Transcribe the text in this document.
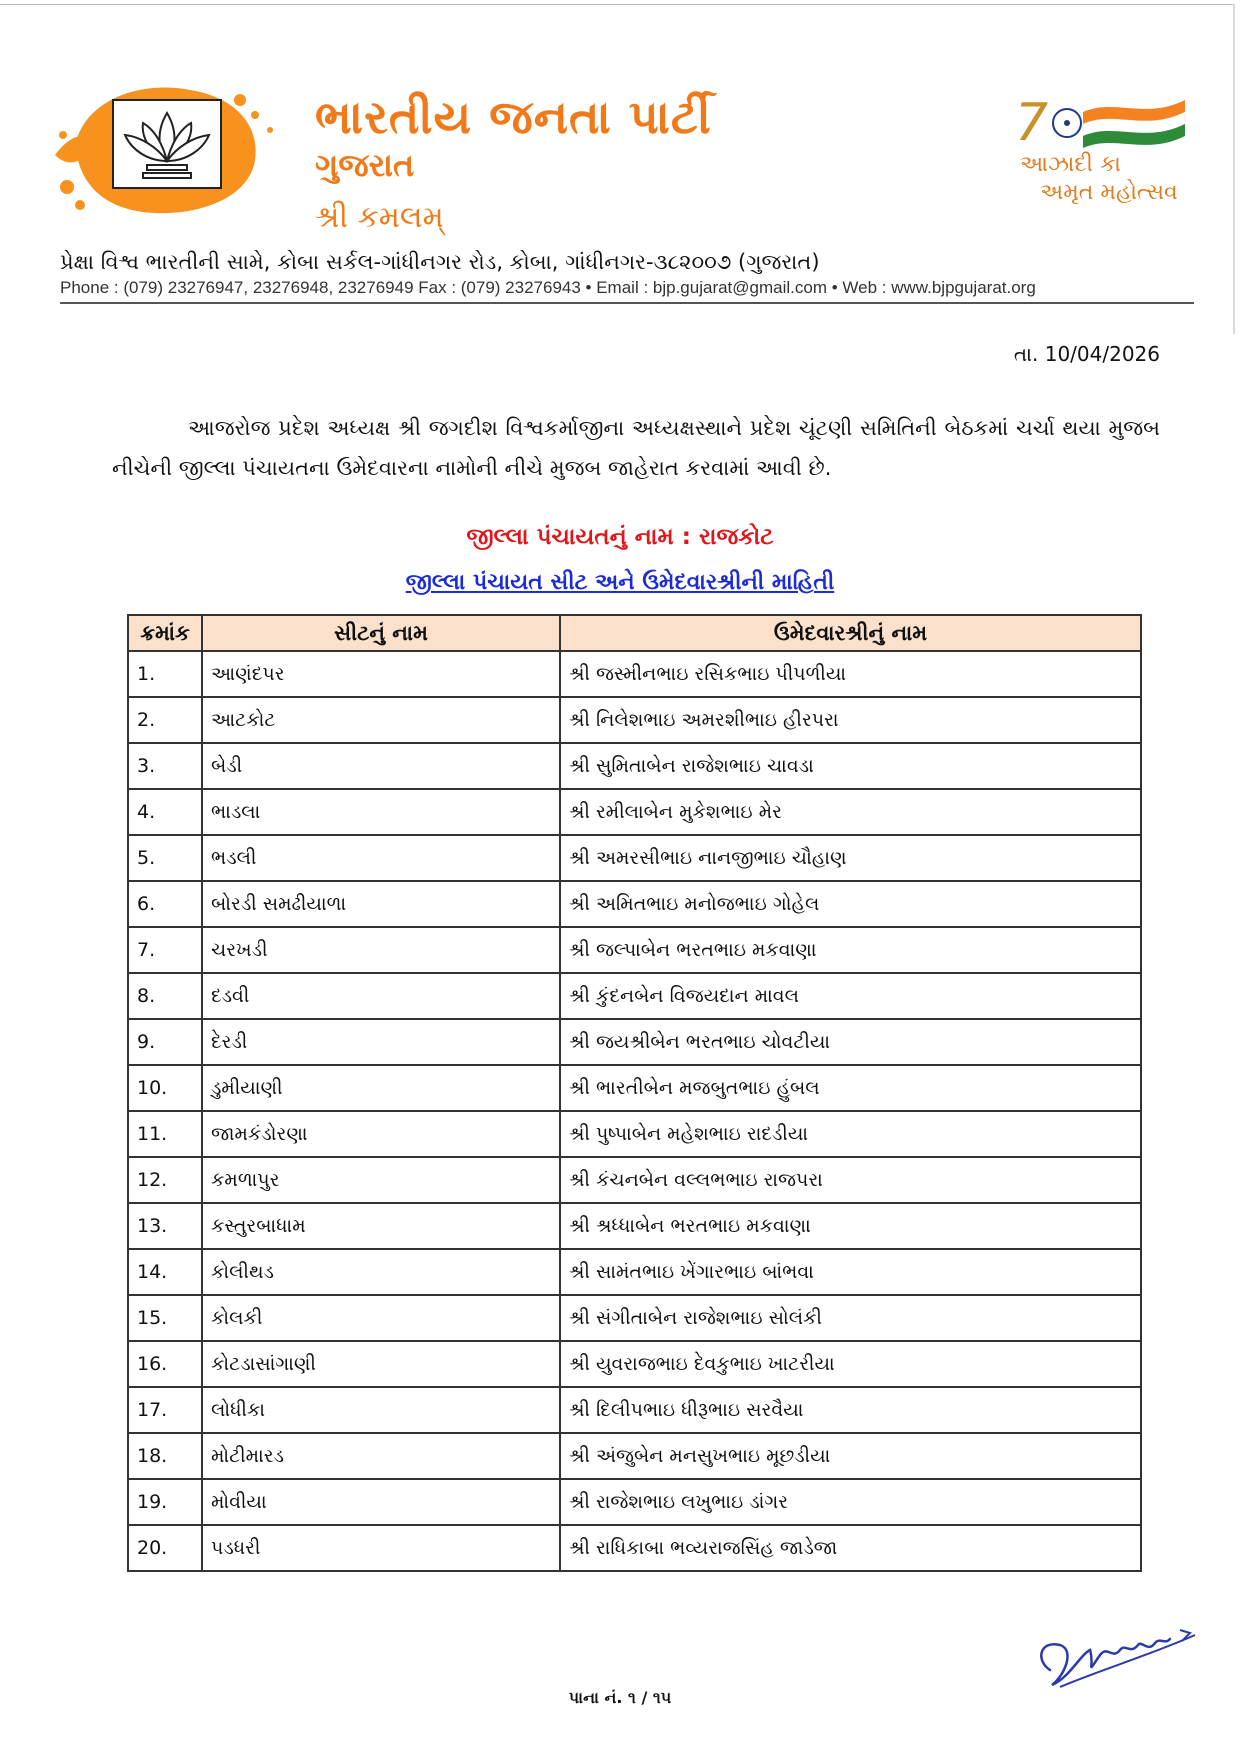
ભારતીય જનતા પાર્ટી
ગુજરાત
શ્રી કમલમ્
7
આઝાદી કા
અમૃત મહોત્સવ
પ્રેક્ષા વિશ્વ ભારતીની સામે, કોબા સર્કલ-ગાંધીનગર રોડ, કોબા, ગાંધીનગર-૩૮૨૦૦૭ (ગુજરાત)
Phone : (079) 23276947, 23276948, 23276949 Fax : (079) 23276943 • Email : bjp.gujarat@gmail.com • Web : www.bjpgujarat.org
તા. 10/04/2026
આજરોજ પ્રદેશ અધ્યક્ષ શ્રી જગદીશ વિશ્વકર્માજીના અધ્યક્ષસ્થાને પ્રદેશ ચૂંટણી સમિતિની બેઠકમાં ચર્ચા થયા મુજબ નીચેની જીલ્લા પંચાયતના ઉમેદવારના નામોની નીચે મુજબ જાહેરાત કરવામાં આવી છે.
જીલ્લા પંચાયતનું નામ : રાજકોટ
જીલ્લા પંચાયત સીટ અને ઉમેદવારશ્રીની માહિતી
ક્રમાંક	સીટનું નામ	ઉમેદવારશ્રીનું નામ
1.	આણંદપર	શ્રી જસ્મીનભાઇ રસિકભાઇ પીપળીયા
2.	આટકોટ	શ્રી નિલેશભાઇ અમરશીભાઇ હીરપરા
3.	બેડી	શ્રી સુમિતાબેન રાજેશભાઇ ચાવડા
4.	ભાડલા	શ્રી રમીલાબેન મુકેશભાઇ મેર
5.	ભડલી	શ્રી અમરસીભાઇ નાનજીભાઇ ચૌહાણ
6.	બોરડી સમઢીયાળા	શ્રી અમિતભાઇ મનોજભાઇ ગોહેલ
7.	ચરખડી	શ્રી જલ્પાબેન ભરતભાઇ મકવાણા
8.	દડવી	શ્રી કુંદનબેન વિજયદાન માવલ
9.	દેરડી	શ્રી જયશ્રીબેન ભરતભાઇ ચોવટીયા
10.	ડુમીયાણી	શ્રી ભારતીબેન મજબુતભાઇ હુંબલ
11.	જામકંડોરણા	શ્રી પુષ્પાબેન મહેશભાઇ રાદડીયા
12.	કમળાપુર	શ્રી કંચનબેન વલ્લભભાઇ રાજપરા
13.	કસ્તુરબાધામ	શ્રી શ્રધ્ધાબેન ભરતભાઇ મકવાણા
14.	કોલીથડ	શ્રી સામંતભાઇ ખેંગારભાઇ બાંભવા
15.	કોલકી	શ્રી સંગીતાબેન રાજેશભાઇ સોલંકી
16.	કોટડાસાંગાણી	શ્રી યુવરાજભાઇ દેવકુભાઇ ખાટરીયા
17.	લોધીકા	શ્રી દિલીપભાઇ ધીરૂભાઇ સરવૈયા
18.	મોટીમારડ	શ્રી અંજુબેન મનસુખભાઇ મૂછડીયા
19.	મોવીયા	શ્રી રાજેશભાઇ લખુભાઇ ડાંગર
20.	પડધરી	શ્રી રાધિકાબા ભવ્યરાજસિંહ જાડેજા
પાના નં. ૧ / ૧૫
